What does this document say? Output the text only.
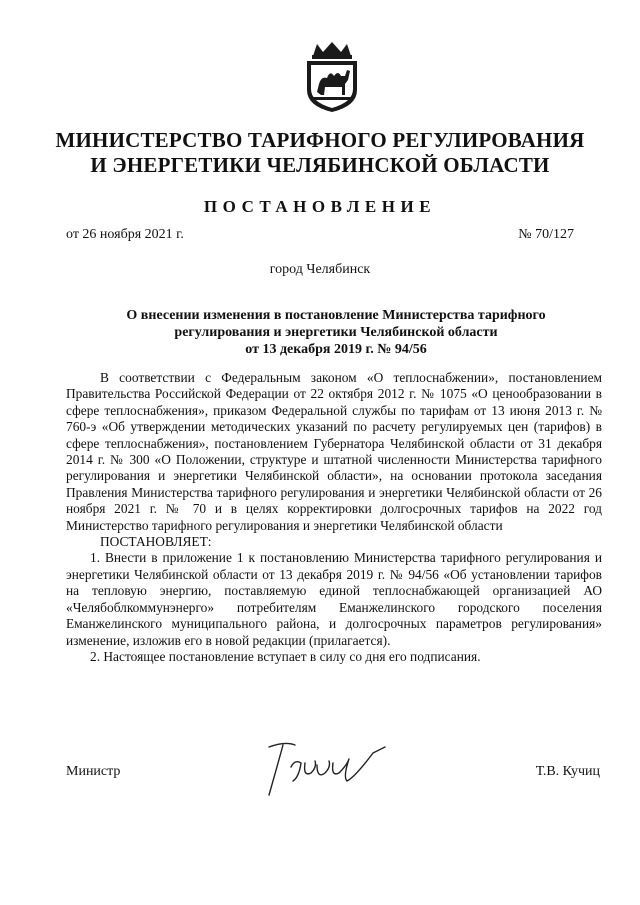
МИНИСТЕРСТВО ТАРИФНОГО РЕГУЛИРОВАНИЯ
И ЭНЕРГЕТИКИ ЧЕЛЯБИНСКОЙ ОБЛАСТИ
ПОСТАНОВЛЕНИЕ
от 26 ноября 2021 г.	№ 70/127
город Челябинск
О внесении изменения в постановление Министерства тарифного
регулирования и энергетики Челябинской области
от 13 декабря 2019 г. № 94/56

В соответствии с Федеральным законом «О теплоснабжении», постановлением Правительства Российской Федерации от 22 октября 2012 г. № 1075 «О ценообразовании в сфере теплоснабжения», приказом Федеральной службы по тарифам от 13 июня 2013 г. № 760-э «Об утверждении методических указаний по расчету регулируемых цен (тарифов) в сфере теплоснабжения», постановлением Губернатора Челябинской области от 31 декабря 2014 г. № 300 «О Положении, структуре и штатной численности Министерства тарифного регулирования и энергетики Челябинской области», на основании протокола заседания Правления Министерства тарифного регулирования и энергетики Челябинской области от 26 ноября 2021 г. № 70 и в целях корректировки долгосрочных тарифов на 2022 год Министерство тарифного регулирования и энергетики Челябинской области

ПОСТАНОВЛЯЕТ:

1. Внести в приложение 1 к постановлению Министерства тарифного регулирования и энергетики Челябинской области от 13 декабря 2019 г. № 94/56 «Об установлении тарифов на тепловую энергию, поставляемую единой теплоснабжающей организацией АО «Челябоблкоммунэнерго» потребителям Еманжелинского городского поселения Еманжелинского муниципального района, и долгосрочных параметров регулирования» изменение, изложив его в новой редакции (прилагается).

2. Настоящее постановление вступает в силу со дня его подписания.

Министр	Т.В. Кучиц
